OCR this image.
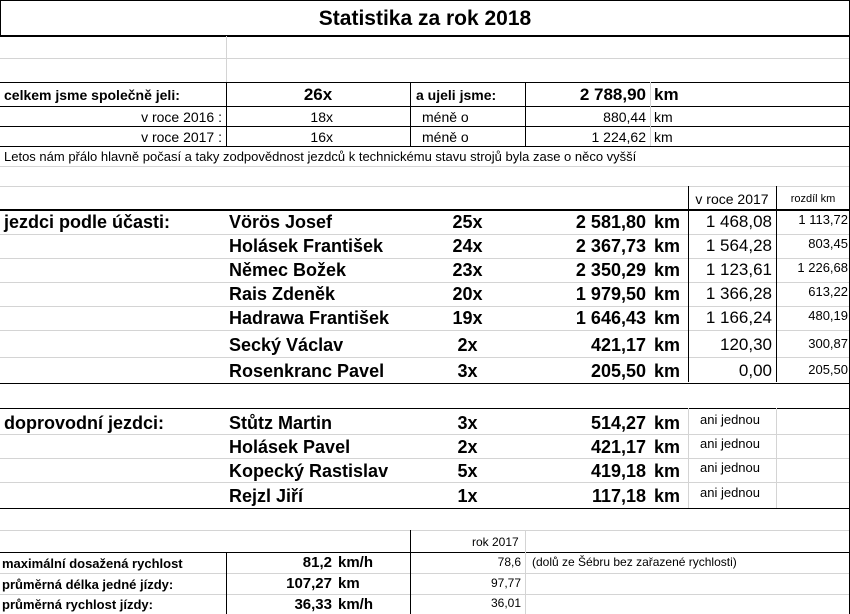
Statistika za rok 2018
celkem jsme společně jeli:	26x	a ujeli jsme:	2 788,90 km
v roce 2016 :	18x	méně o	880,44 km
v roce 2017 :	16x	méně o	1 224,62 km
Letos nám přálo hlavně počasí a taky zodpovědnost jezdců k technickému stavu strojů byla zase o něco vyšší
v roce 2017	rozdíl km
jezdci podle účasti:	Vörös Josef	25x	2 581,80 km	1 468,08	1 113,72
Holásek František	24x	2 367,73 km	1 564,28	803,45
Němec Božek	23x	2 350,29 km	1 123,61	1 226,68
Rais Zdeněk	20x	1 979,50 km	1 366,28	613,22
Hadrawa František	19x	1 646,43 km	1 166,24	480,19
Secký Václav	2x	421,17 km	120,30	300,87
Rosenkranc Pavel	3x	205,50 km	0,00	205,50
doprovodní jezdci:	Stůtz Martin	3x	514,27 km ani jednou
Holásek Pavel	2x	421,17 km ani jednou
Kopecký Rastislav	5x	419,18 km ani jednou
Rejzl Jiří	1x	117,18 km ani jednou
rok 2017
maximální dosažená rychlost	81,2 km/h	78,6 (dolů ze Šébru bez zařazené rychlosti)
průměrná délka jedné jízdy:	107,27 km	97,77
průměrná rychlost jízdy:	36,33 km/h	36,01
